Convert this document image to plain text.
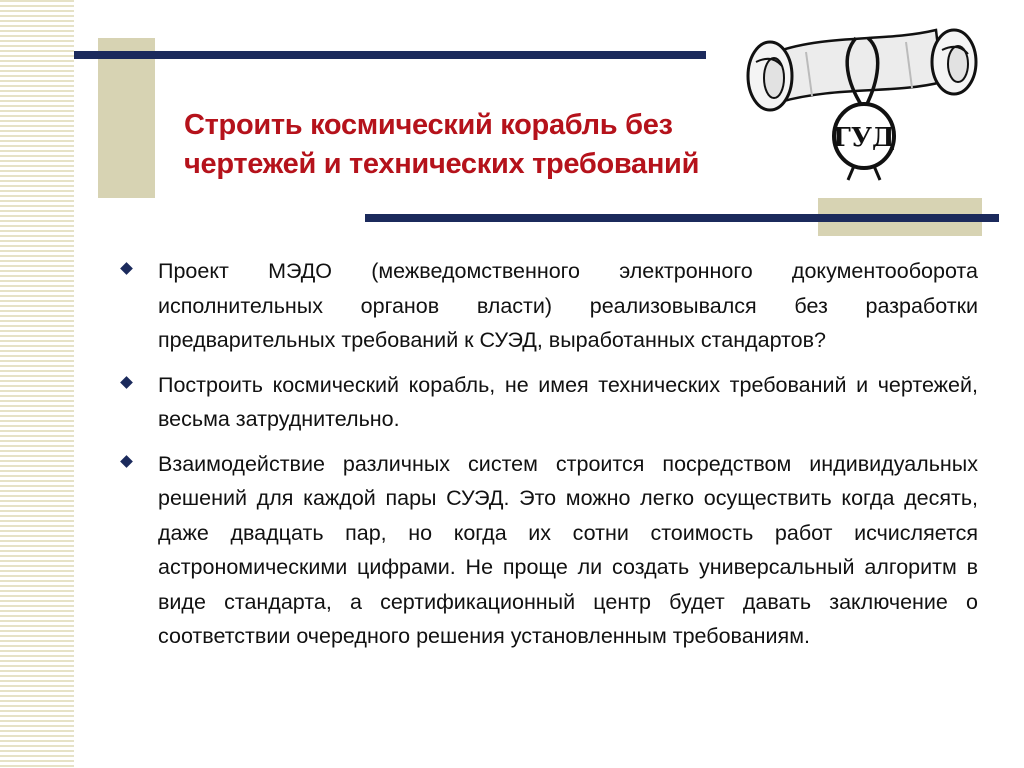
Строить космический корабль без
чертежей и технических требований
ГУД
Проект МЭДО (межведомственного электронного документооборота исполнительных органов власти) реализовывался без разработки предварительных требований к СУЭД, выработанных стандартов?
Построить космический корабль, не имея технических требований и чертежей, весьма затруднительно.
Взаимодействие различных систем строится посредством индивидуальных решений для каждой пары СУЭД. Это можно легко осуществить когда десять, даже двадцать пар, но когда их сотни стоимость работ исчисляется астрономическими цифрами. Не проще ли создать универсальный алгоритм в виде стандарта, а сертификационный центр будет давать заключение о соответствии очередного решения установленным требованиям.
